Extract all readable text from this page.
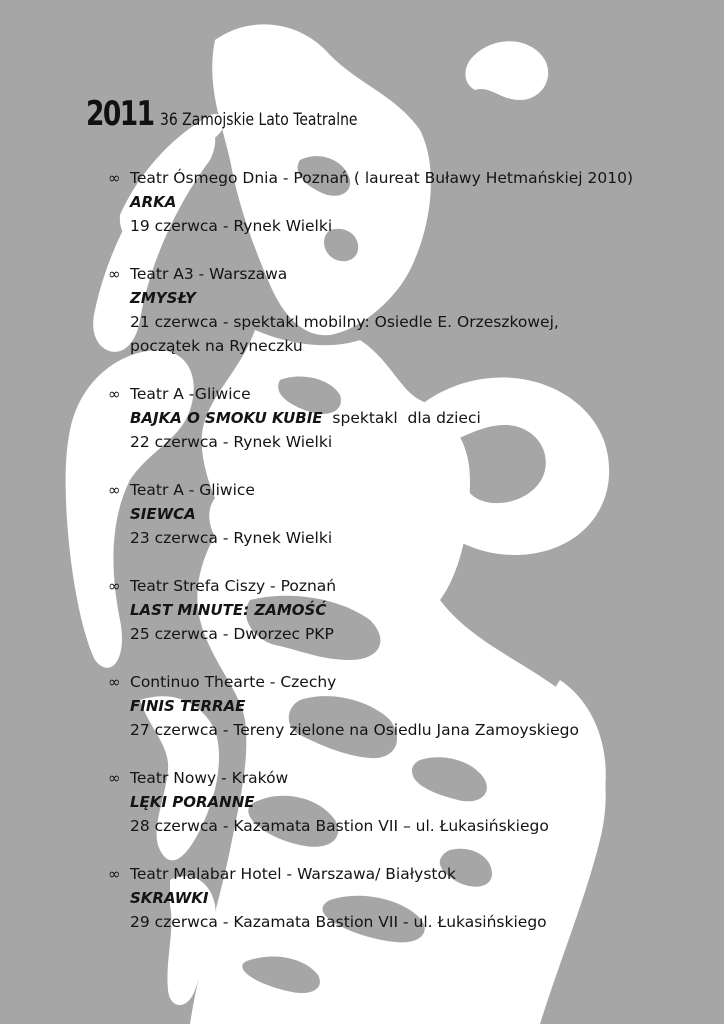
2011 36 Zamojskie Lato Teatralne
∞ Teatr Ósmego Dnia - Poznań ( laureat Buławy Hetmańskiej 2010)
ARKA
19 czerwca - Rynek Wielki
∞ Teatr A3 - Warszawa
ZMYSŁY
21 czerwca - spektakl mobilny: Osiedle E. Orzeszkowej, początek na Ryneczku
∞ Teatr A -Gliwice
BAJKA O SMOKU KUBIE  spektakl  dla dzieci
22 czerwca - Rynek Wielki
∞ Teatr A - Gliwice
SIEWCA
23 czerwca - Rynek Wielki
∞ Teatr Strefa Ciszy - Poznań
LAST MINUTE: ZAMOŚĆ
25 czerwca - Dworzec PKP
∞ Continuo Thearte - Czechy
FINIS TERRAE
27 czerwca - Tereny zielone na Osiedlu Jana Zamoyskiego
∞ Teatr Nowy - Kraków
LĘKI PORANNE
28 czerwca - Kazamata Bastion VII – ul. Łukasińskiego
∞ Teatr Malabar Hotel - Warszawa/ Białystok
SKRAWKI
29 czerwca - Kazamata Bastion VII - ul. Łukasińskiego
